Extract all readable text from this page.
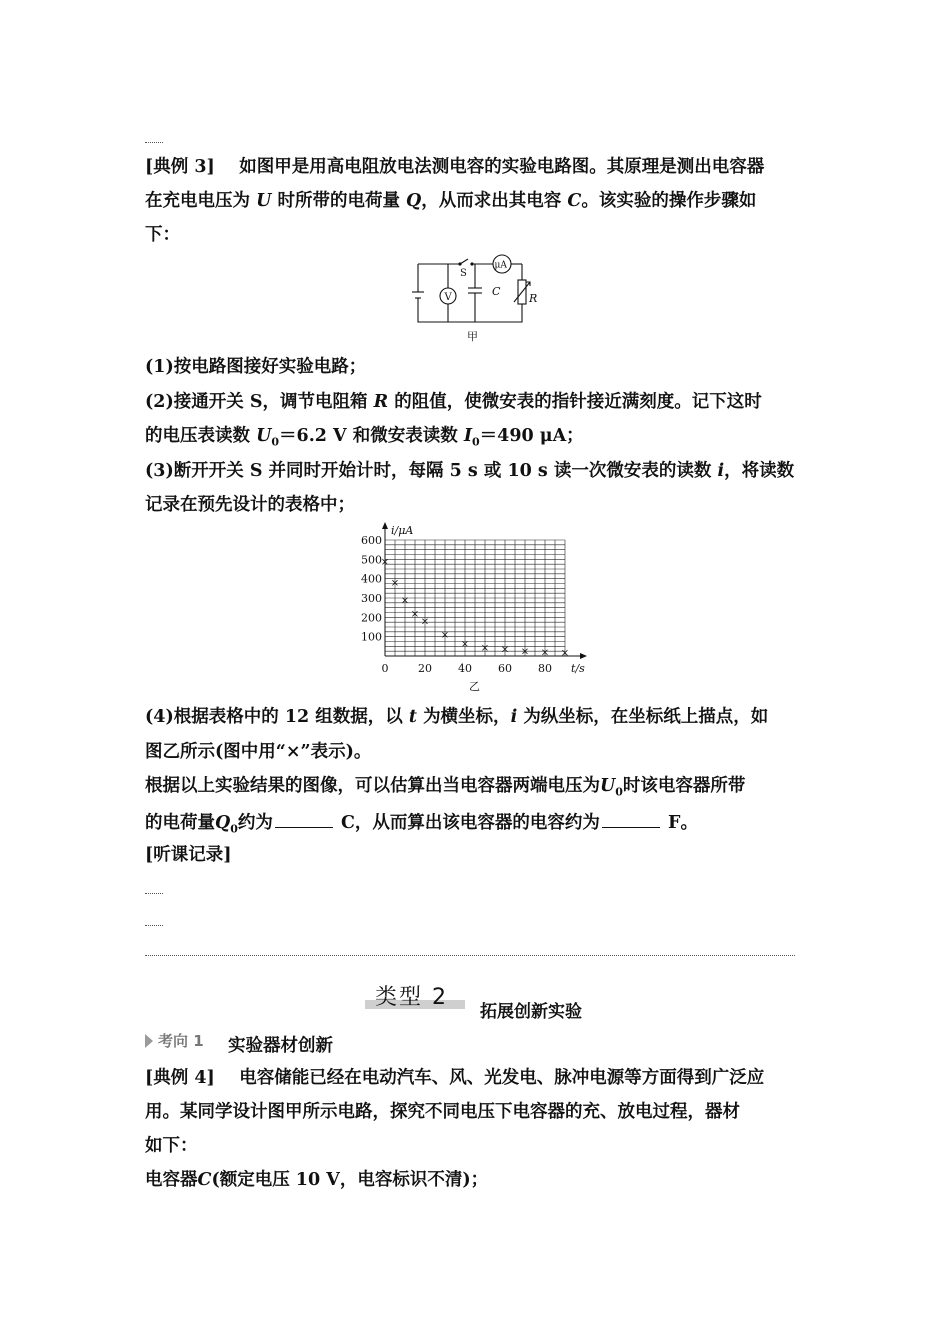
[典例 3] 如图甲是用高电阻放电法测电容的实验电路图。其原理是测出电容器
在充电电压为 U 时所带的电荷量 Q，从而求出其电容 C。该实验的操作步骤如
下：
V
μA
S
C
R
甲
(1)按电路图接好实验电路；
(2)接通开关 S，调节电阻箱 R 的阻值，使微安表的指针接近满刻度。记下这时
的电压表读数 $U_0=6.2$ V 和微安表读数 $I_0=490$ μA；
(3)断开开关 S 并同时开始计时，每隔 5 s 或 10 s 读一次微安表的读数 i，将读数
记录在预先设计的表格中；
100
200
300
400
500
600
0	20 40 60 80
i/μA
t/s
乙
×
×
×
×
×
×
× × × × × ×
(4)根据表格中的 12 组数据，以 t 为横坐标，i 为纵坐标，在坐标纸上描点，如
图乙所示(图中用“×”表示)。
根据以上实验结果的图像，可以估算出当电容器两端电压为$U_0$时该电容器所带
的电荷量$Q_0$约为	C，从而算出该电容器的电容约为	F。
[听课记录]
类型 2
拓展创新实验
考向 1 实验器材创新
[典例 4] 电容储能已经在电动汽车、风、光发电、脉冲电源等方面得到广泛应
用。某同学设计图甲所示电路，探究不同电压下电容器的充、放电过程，器材
如下：
电容器C(额定电压 10 V，电容标识不清)；
